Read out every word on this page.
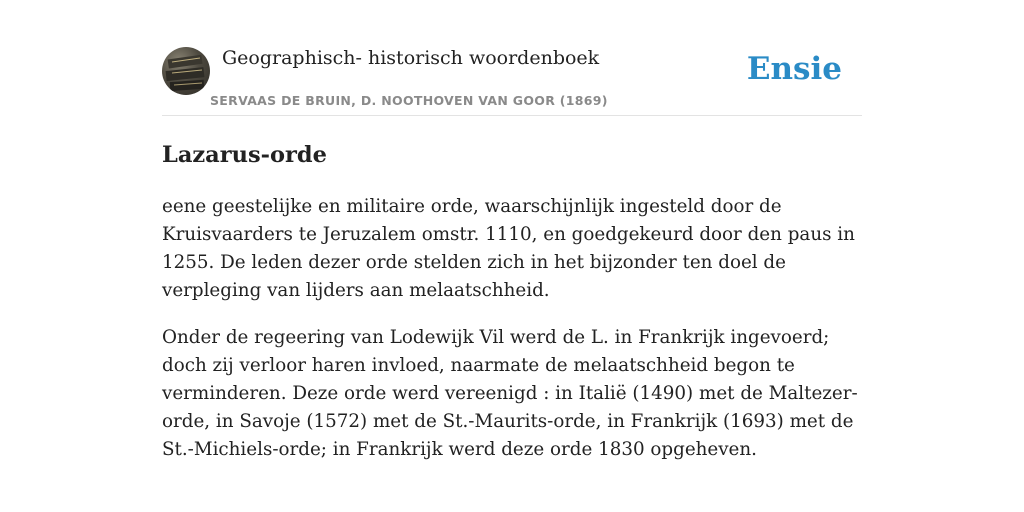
Geographisch- historisch woordenboek
SERVAAS DE BRUIN, D. NOOTHOVEN VAN GOOR (1869)
Ensie
Lazarus-orde

eene geestelijke en militaire orde, waarschijnlijk ingesteld door de Kruisvaarders te Jeruzalem omstr. 1110, en goedgekeurd door den paus in 1255. De leden dezer orde stelden zich in het bijzonder ten doel de verpleging van lijders aan melaatschheid.

Onder de regeering van Lodewijk Vil werd de L. in Frankrijk ingevoerd; doch zij verloor haren invloed, naarmate de melaatschheid begon te verminderen. Deze orde werd vereenigd : in Italië (1490) met de Maltezer-orde, in Savoje (1572) met de St.-Maurits-orde, in Frankrijk (1693) met de St.-Michiels-orde; in Frankrijk werd deze orde 1830 opgeheven.
